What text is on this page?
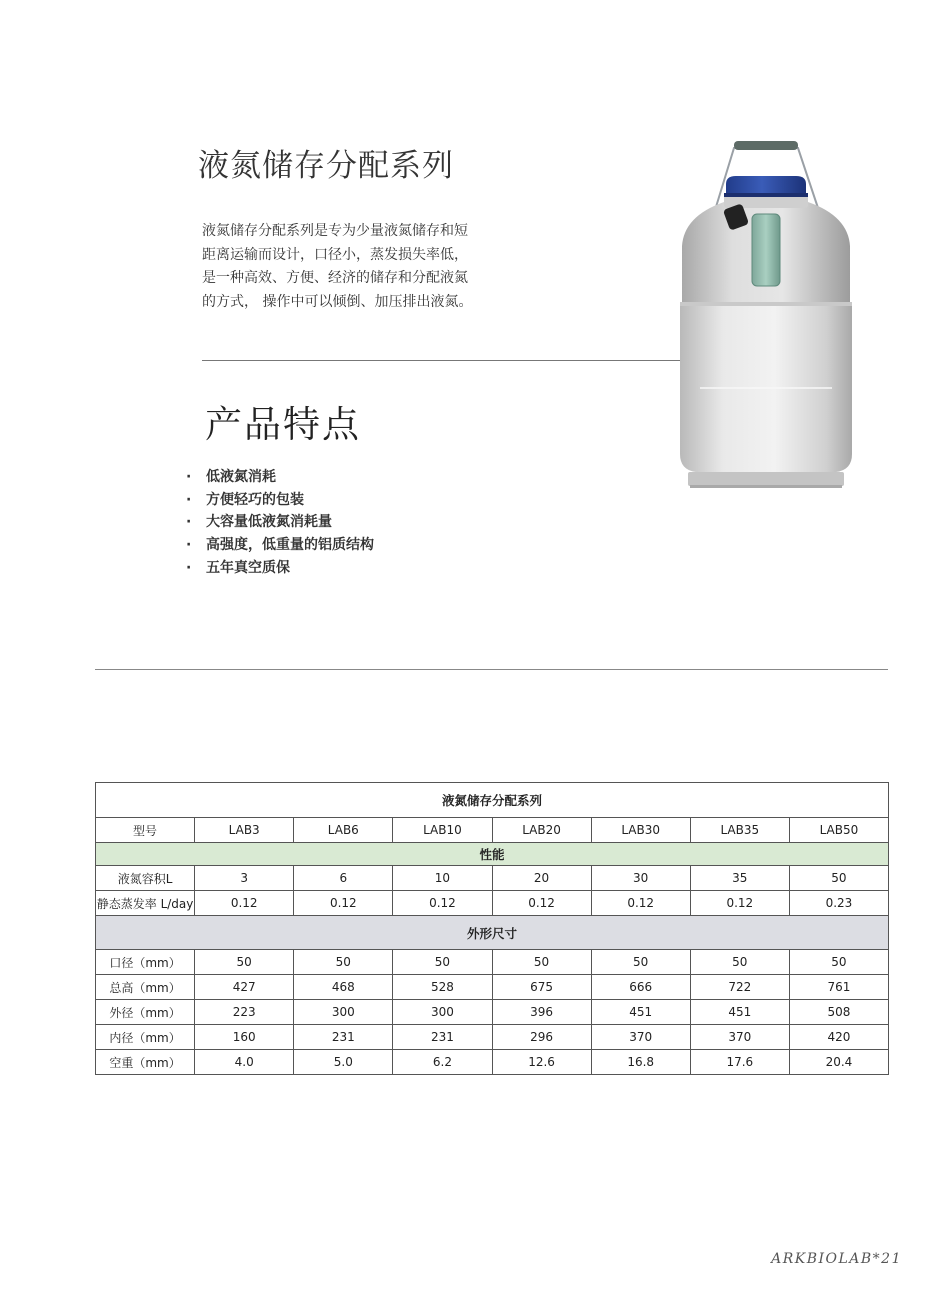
液氮储存分配系列
液氮储存分配系列是专为少量液氮储存和短
距离运输而设计，口径小，蒸发损失率低，
是一种高效、方便、经济的储存和分配液氮
的方式， 操作中可以倾倒、加压排出液氮。
产品特点
· 低液氮消耗
· 方便轻巧的包装
· 大容量低液氮消耗量
· 高强度，低重量的铝质结构
· 五年真空质保
液氮储存分配系列							
型号	LAB3	LAB6	LAB10	LAB20	LAB30	LAB35	LAB50
性能							
液氮容积L	3	6	10	20	30	35	50
静态蒸发率 L/day	0.12	0.12	0.12	0.12	0.12	0.12	0.23
外形尺寸							
口径（mm）	50	50	50	50	50	50	50
总高（mm）	427	468	528	675	666	722	761
外径（mm）	223	300	300	396	451	451	508
内径（mm）	160	231	231	296	370	370	420
空重（mm）	4.0	5.0	6.2	12.6	16.8	17.6	20.4
ARKBIOLAB*21
